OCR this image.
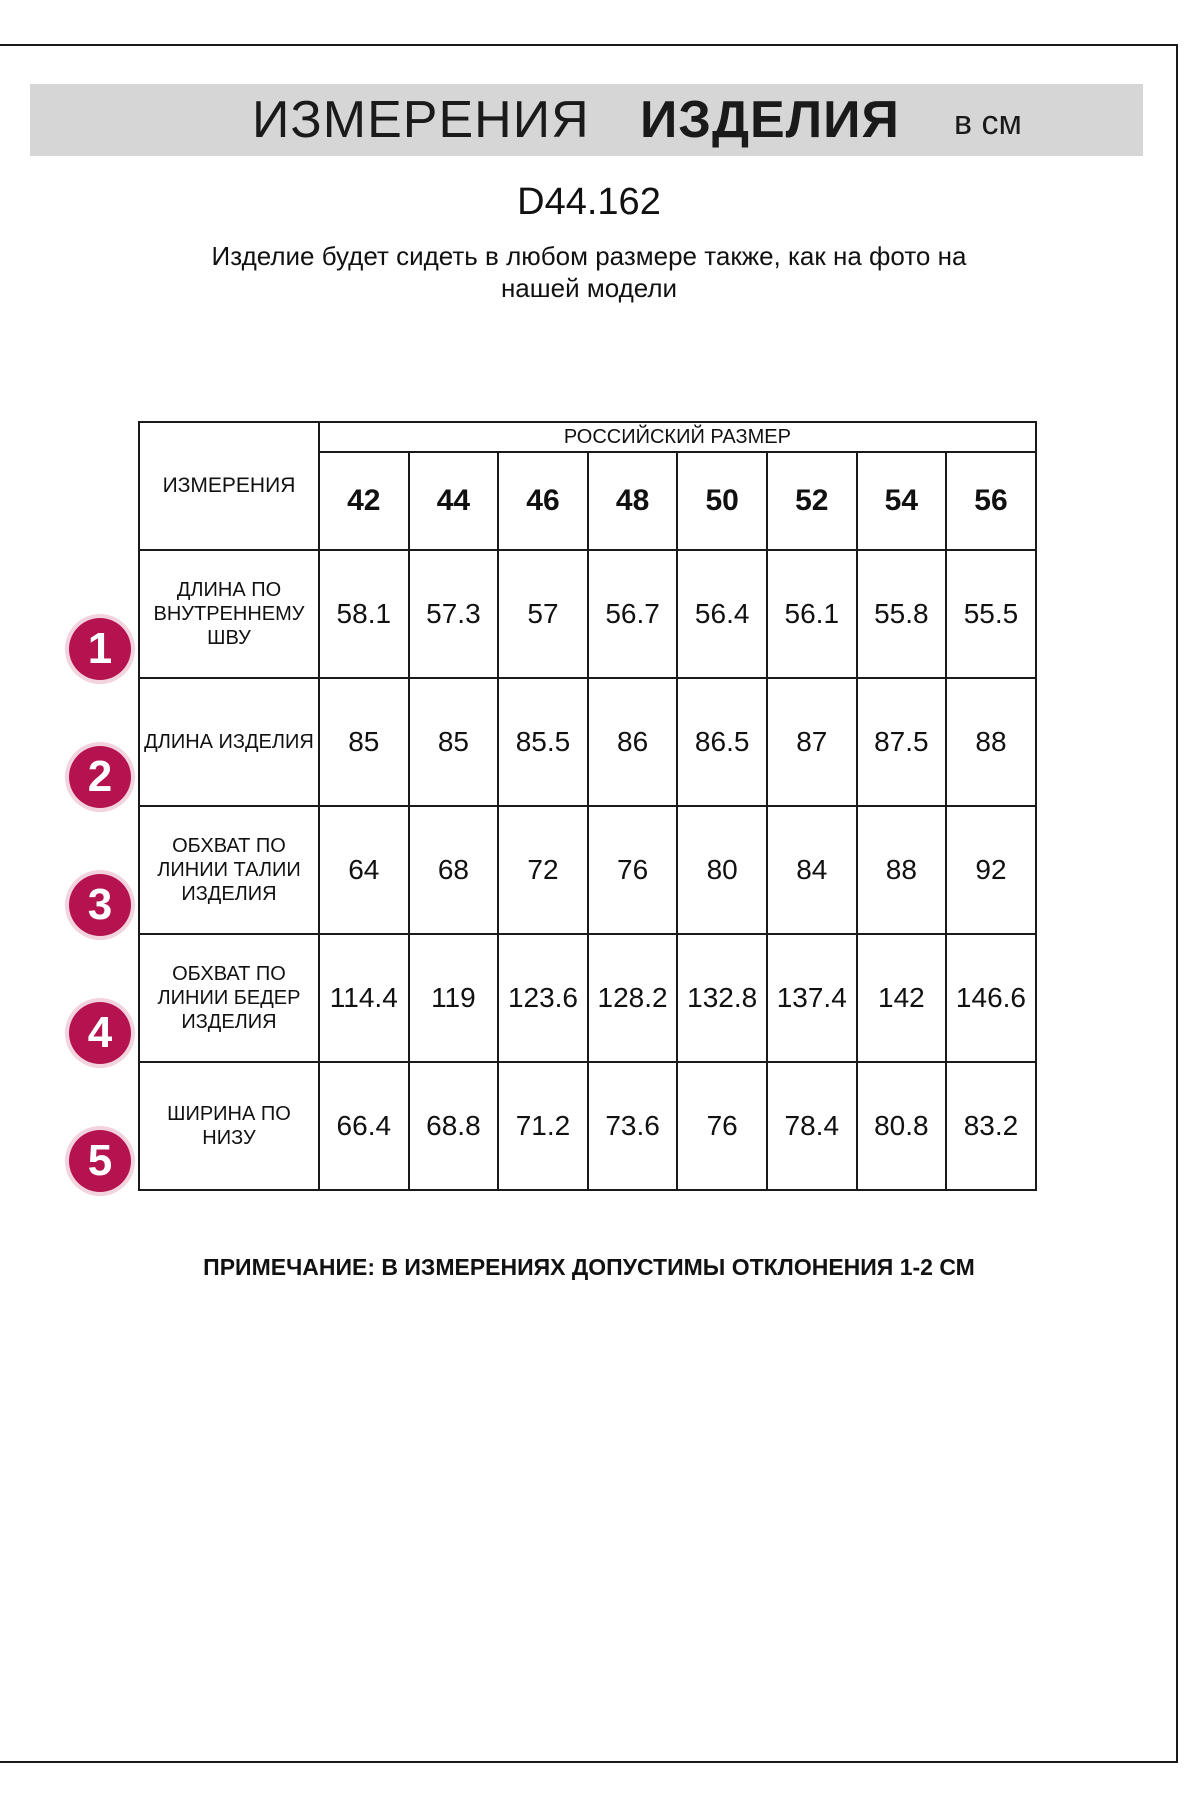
ИЗМЕРЕНИЯ ИЗДЕЛИЯ в см
D44.162
Изделие будет сидеть в любом размере также, как на фото на
нашей модели
ИЗМЕРЕНИЯ	РОССИЙСКИЙ РАЗМЕР							
	42	44	46	48	50	52	54	56
ДЛИНА ПО ВНУТРЕННЕМУ ШВУ	58.1	57.3	57	56.7	56.4	56.1	55.8	55.5
ДЛИНА ИЗДЕЛИЯ	85	85	85.5	86	86.5	87	87.5	88
ОБХВАТ ПО ЛИНИИ ТАЛИИ ИЗДЕЛИЯ	64	68	72	76	80	84	88	92
ОБХВАТ ПО ЛИНИИ БЕДЕР ИЗДЕЛИЯ	114.4	119	123.6	128.2	132.8	137.4	142	146.6
ШИРИНА ПО НИЗУ	66.4	68.8	71.2	73.6	76	78.4	80.8	83.2
1
2
3
4
5
ПРИМЕЧАНИЕ: В ИЗМЕРЕНИЯХ ДОПУСТИМЫ ОТКЛОНЕНИЯ 1-2 СМ
